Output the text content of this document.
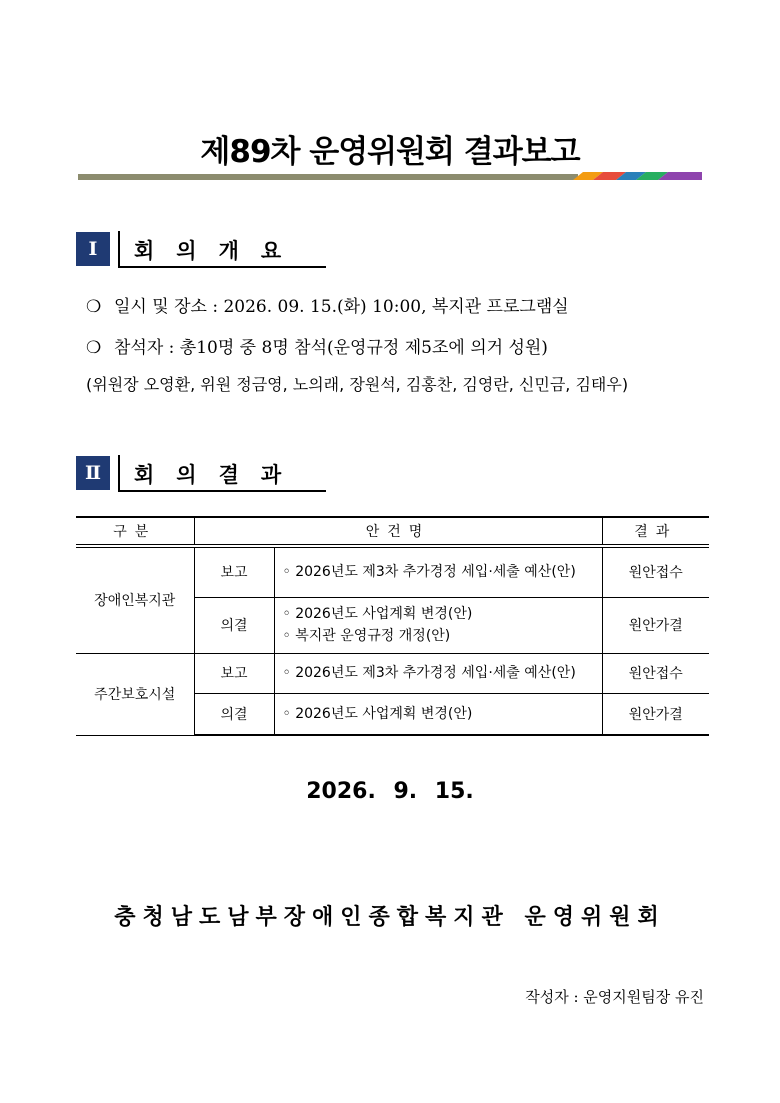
제89차 운영위원회 결과보고
Ⅰ	회의개요
❍ 일시 및 장소 : 2026. 09. 15.(화) 10:00, 복지관 프로그램실
❍ 참석자 : 총10명 중 8명 참석(운영규정 제5조에 의거 성원)
(위원장 오영환, 위원 정금영, 노의래, 장원석, 김홍찬, 김영란, 신민금, 김태우)
Ⅱ	회의결과
구분	안건명		결과
장애인복지관	보고	◦ 2026년도 제3차 추가경정 세입·세출 예산(안)	원안접수
	의결	◦ 2026년도 사업계획 변경(안)
◦ 복지관 운영규정 개정(안)	원안가결
주간보호시설	보고	◦ 2026년도 제3차 추가경정 세입·세출 예산(안)	원안접수
	의결	◦ 2026년도 사업계획 변경(안)	원안가결
2026. 9. 15.
충청남도남부장애인종합복지관 운영위원회
작성자 : 운영지원팀장 유진
